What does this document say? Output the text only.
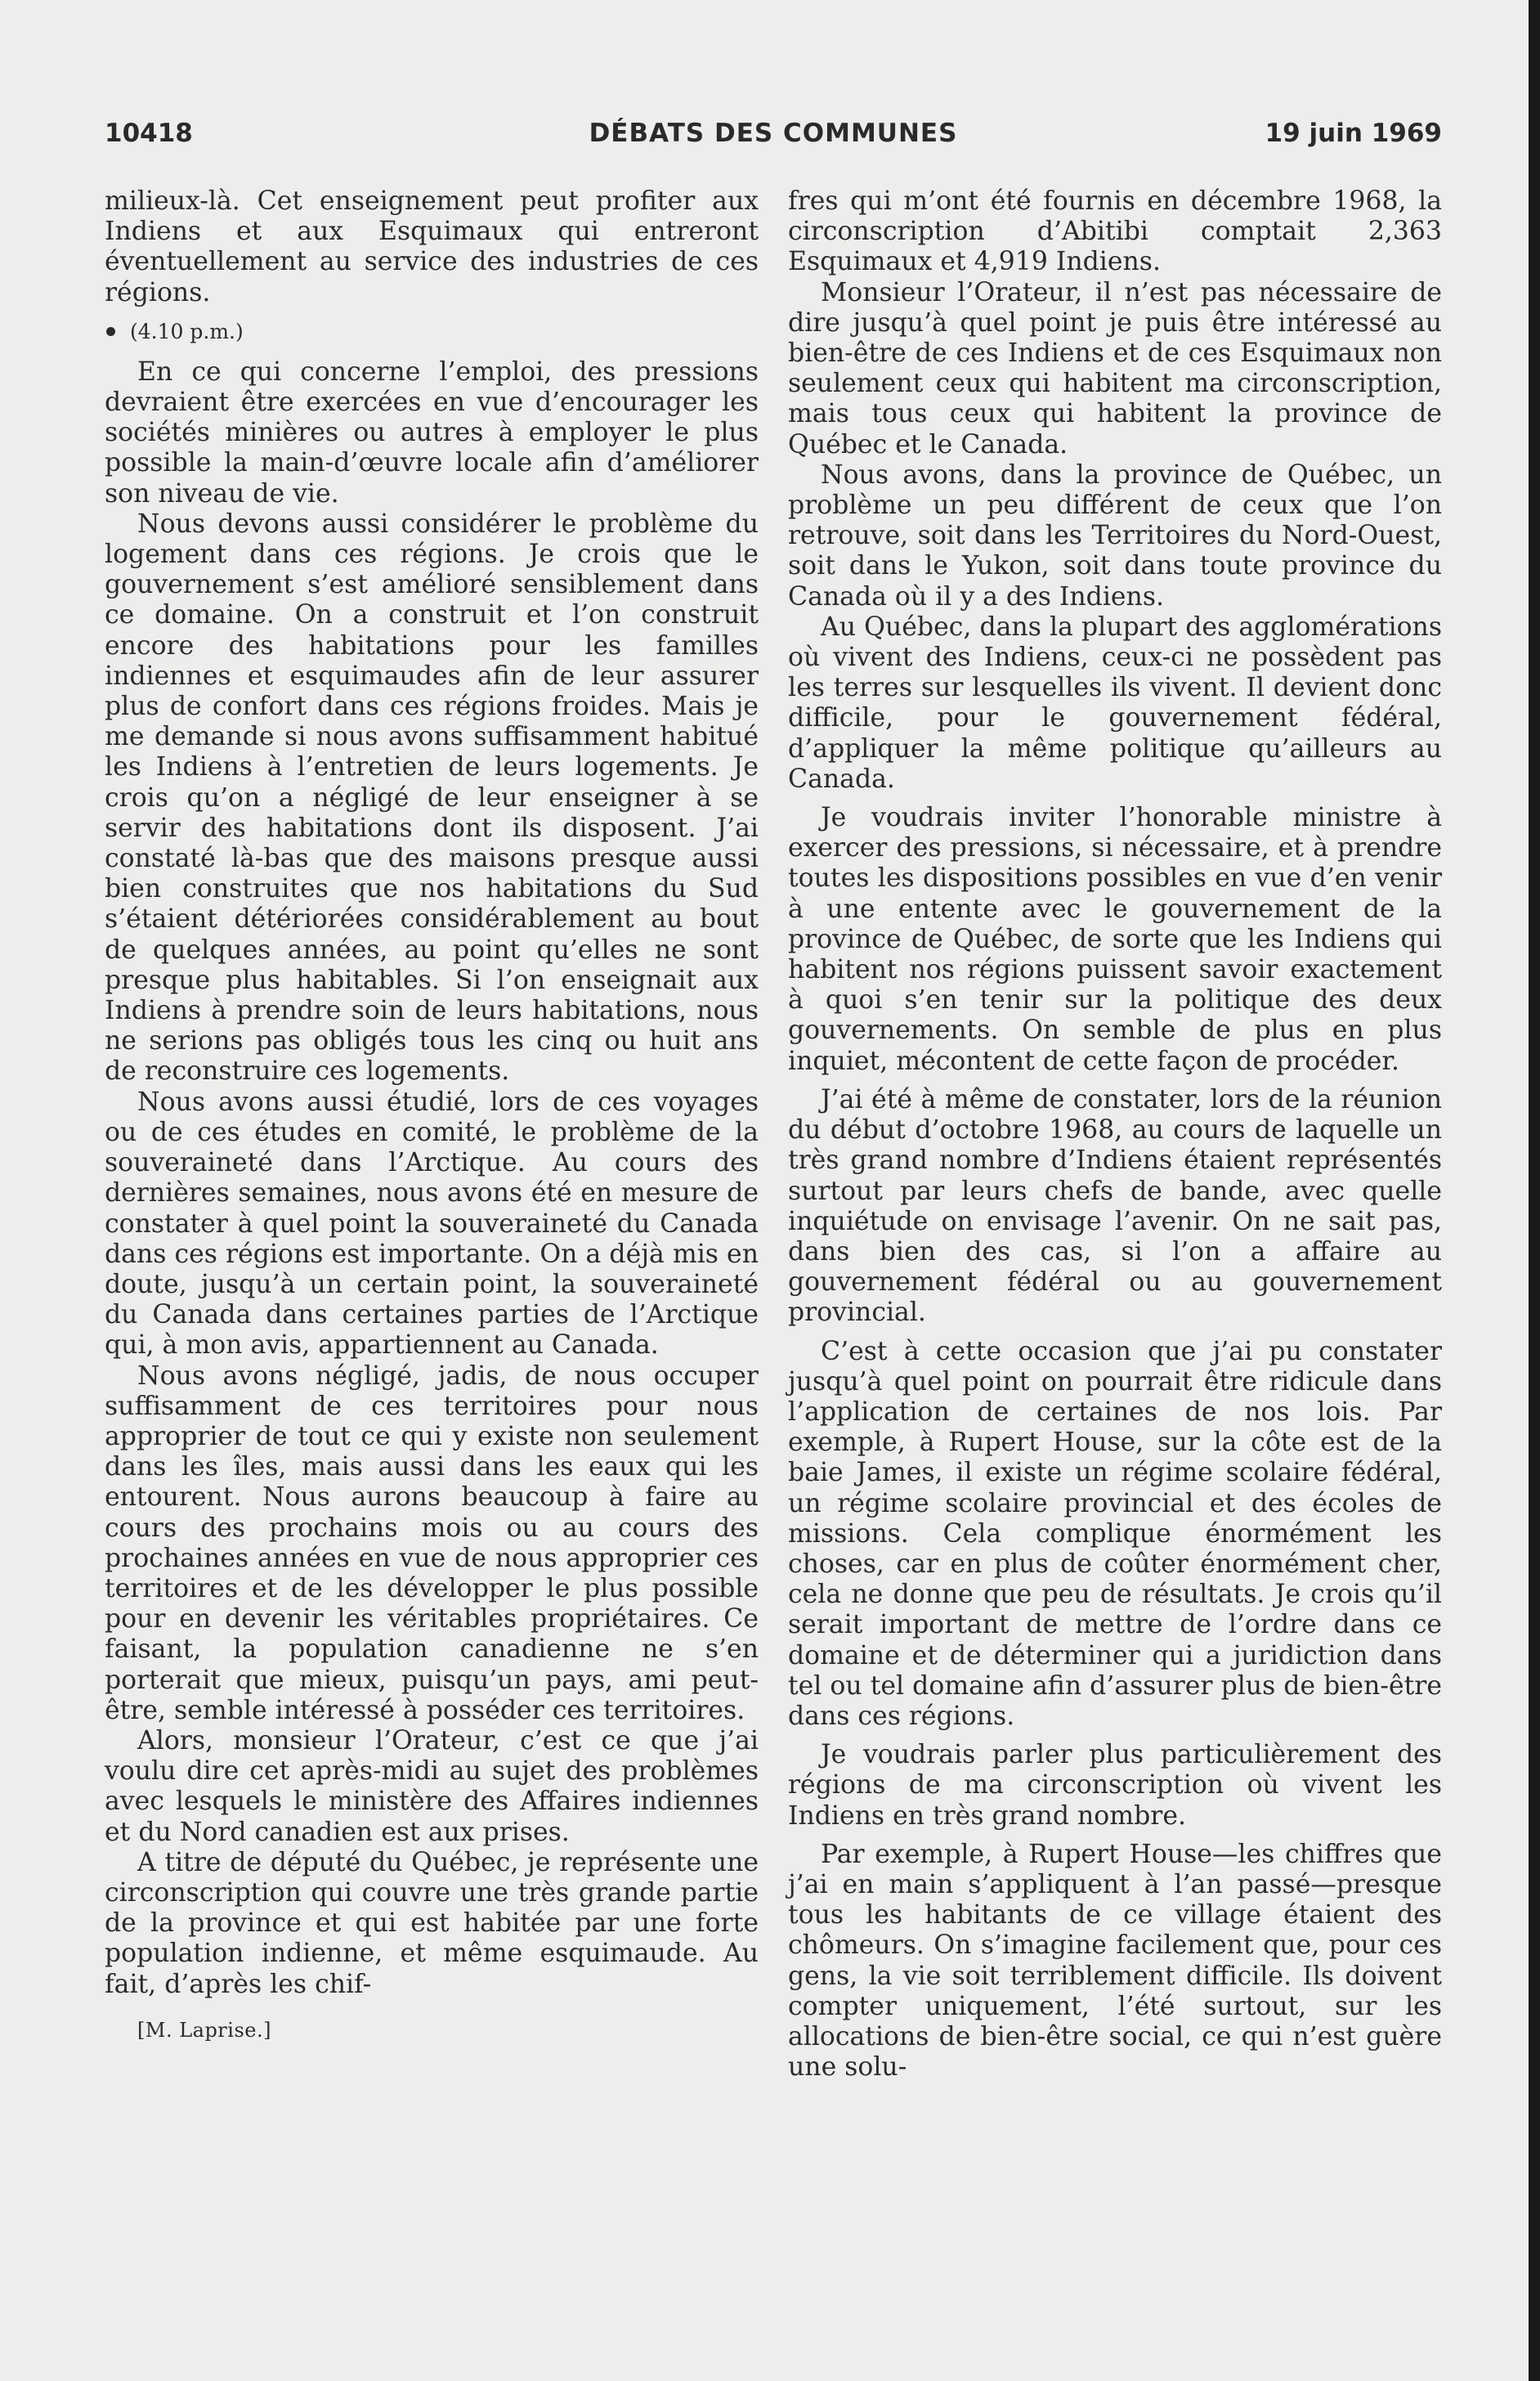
10418	DÉBATS DES COMMUNES	19 juin 1969

milieux-là. Cet enseignement peut profiter aux Indiens et aux Esquimaux qui entreront éventuellement au service des industries de ces régions.

(4.10 p.m.)

En ce qui concerne l’emploi, des pressions devraient être exercées en vue d’encourager les sociétés minières ou autres à employer le plus possible la main-d’œuvre locale afin d’améliorer son niveau de vie.

Nous devons aussi considérer le problème du logement dans ces régions. Je crois que le gouvernement s’est amélioré sensiblement dans ce domaine. On a construit et l’on construit encore des habitations pour les familles indiennes et esquimaudes afin de leur assurer plus de confort dans ces régions froides. Mais je me demande si nous avons suffisamment habitué les Indiens à l’entretien de leurs logements. Je crois qu’on a négligé de leur enseigner à se servir des habitations dont ils disposent. J’ai constaté là-bas que des maisons presque aussi bien construites que nos habitations du Sud s’étaient détériorées considérablement au bout de quelques années, au point qu’elles ne sont presque plus habitables. Si l’on enseignait aux Indiens à prendre soin de leurs habitations, nous ne serions pas obligés tous les cinq ou huit ans de reconstruire ces logements.

Nous avons aussi étudié, lors de ces voyages ou de ces études en comité, le problème de la souveraineté dans l’Arctique. Au cours des dernières semaines, nous avons été en mesure de constater à quel point la souveraineté du Canada dans ces régions est importante. On a déjà mis en doute, jusqu’à un certain point, la souveraineté du Canada dans certaines parties de l’Arctique qui, à mon avis, appartiennent au Canada.

Nous avons négligé, jadis, de nous occuper suffisamment de ces territoires pour nous approprier de tout ce qui y existe non seulement dans les îles, mais aussi dans les eaux qui les entourent. Nous aurons beaucoup à faire au cours des prochains mois ou au cours des prochaines années en vue de nous approprier ces territoires et de les développer le plus possible pour en devenir les véritables propriétaires. Ce faisant, la population canadienne ne s’en porterait que mieux, puisqu’un pays, ami peut-être, semble intéressé à posséder ces territoires.

Alors, monsieur l’Orateur, c’est ce que j’ai voulu dire cet après-midi au sujet des problèmes avec lesquels le ministère des Affaires indiennes et du Nord canadien est aux prises.

A titre de député du Québec, je représente une circonscription qui couvre une très grande partie de la province et qui est habitée par une forte population indienne, et même esquimaude. Au fait, d’après les chif-

[M. Laprise.]

fres qui m’ont été fournis en décembre 1968, la circonscription d’Abitibi comptait 2,363 Esquimaux et 4,919 Indiens.

Monsieur l’Orateur, il n’est pas nécessaire de dire jusqu’à quel point je puis être intéressé au bien-être de ces Indiens et de ces Esquimaux non seulement ceux qui habitent ma circonscription, mais tous ceux qui habitent la province de Québec et le Canada.

Nous avons, dans la province de Québec, un problème un peu différent de ceux que l’on retrouve, soit dans les Territoires du Nord-Ouest, soit dans le Yukon, soit dans toute province du Canada où il y a des Indiens.

Au Québec, dans la plupart des agglomérations où vivent des Indiens, ceux-ci ne possèdent pas les terres sur lesquelles ils vivent. Il devient donc difficile, pour le gouvernement fédéral, d’appliquer la même politique qu’ailleurs au Canada.

Je voudrais inviter l’honorable ministre à exercer des pressions, si nécessaire, et à prendre toutes les dispositions possibles en vue d’en venir à une entente avec le gouvernement de la province de Québec, de sorte que les Indiens qui habitent nos régions puissent savoir exactement à quoi s’en tenir sur la politique des deux gouvernements. On semble de plus en plus inquiet, mécontent de cette façon de procéder.

J’ai été à même de constater, lors de la réunion du début d’octobre 1968, au cours de laquelle un très grand nombre d’Indiens étaient représentés surtout par leurs chefs de bande, avec quelle inquiétude on envisage l’avenir. On ne sait pas, dans bien des cas, si l’on a affaire au gouvernement fédéral ou au gouvernement provincial.

C’est à cette occasion que j’ai pu constater jusqu’à quel point on pourrait être ridicule dans l’application de certaines de nos lois. Par exemple, à Rupert House, sur la côte est de la baie James, il existe un régime scolaire fédéral, un régime scolaire provincial et des écoles de missions. Cela complique énormément les choses, car en plus de coûter énormément cher, cela ne donne que peu de résultats. Je crois qu’il serait important de mettre de l’ordre dans ce domaine et de déterminer qui a juridiction dans tel ou tel domaine afin d’assurer plus de bien-être dans ces régions.

Je voudrais parler plus particulièrement des régions de ma circonscription où vivent les Indiens en très grand nombre.

Par exemple, à Rupert House—les chiffres que j’ai en main s’appliquent à l’an passé—presque tous les habitants de ce village étaient des chômeurs. On s’imagine facilement que, pour ces gens, la vie soit terriblement difficile. Ils doivent compter uniquement, l’été surtout, sur les allocations de bien-être social, ce qui n’est guère une solu-
